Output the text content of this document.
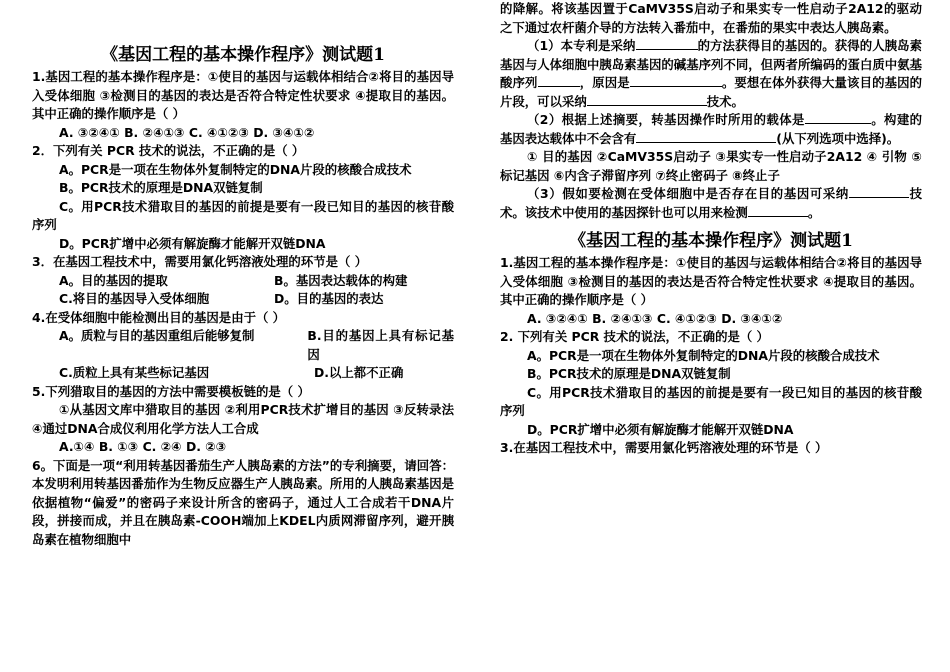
《基因工程的基本操作程序》测试题1

1.基因工程的基本操作程序是：①使目的基因与运载体相结合②将目的基因导入受体细胞 ③检测目的基因的表达是否符合特定性状要求 ④提取目的基因。其中正确的操作顺序是（ ）

A. ③②④① B. ②④①③ C. ④①②③ D. ③④①②

2．下列有关 PCR 技术的说法，不正确的是（ ）

A。PCR是一项在生物体外复制特定的DNA片段的核酸合成技术

B。PCR技术的原理是DNA双链复制

C。用PCR技术猎取目的基因的前提是要有一段已知目的基因的核苷酸序列

D。PCR扩增中必须有解旋酶才能解开双链DNA

3．在基因工程技术中，需要用氯化钙溶液处理的环节是（ ）

A。目的基因的提取	B。基因表达载体的构建

C.将目的基因导入受体细胞	D。目的基因的表达

4.在受体细胞中能检测出目的基因是由于（ ）

A。质粒与目的基因重组后能够复制	B.目的基因上具有标记基因

C.质粒上具有某些标记基因	D.以上都不正确

5.下列猎取目的基因的方法中需要模板链的是（ ）

①从基因文库中猎取目的基因 ②利用PCR技术扩增目的基因 ③反转录法 ④通过DNA合成仪利用化学方法人工合成

A.①④ B. ①③ C. ②④ D. ②③

6。下面是一项“利用转基因番茄生产人胰岛素的方法”的专利摘要，请回答：本发明利用转基因番茄作为生物反应器生产人胰岛素。所用的人胰岛素基因是依据植物“偏爱”的密码子来设计所含的密码子，通过人工合成若干DNA片段，拼接而成，并且在胰岛素-COOH端加上KDEL内质网滞留序列，避开胰岛素在植物细胞中

的降解。将该基因置于CaMV35S启动子和果实专一性启动子2A12的驱动之下通过农杆菌介导的方法转入番茄中，在番茄的果实中表达人胰岛素。

（1）本专利是采纳	的方法获得目的基因的。获得的人胰岛素基因与人体细胞中胰岛素基因的碱基序列不同，但两者所编码的蛋白质中氨基酸序列	，原因是	。要想在体外获得大量该目的基因的片段，可以采纳	技术。

（2）根据上述摘要，转基因操作时所用的载体是	。构建的基因表达载体中不会含有	(从下列选项中选择)。

① 目的基因 ②CaMV35S启动子 ③果实专一性启动子2A12 ④ 引物 ⑤标记基因 ⑥内含子滞留序列 ⑦终止密码子 ⑧终止子

（3）假如要检测在受体细胞中是否存在目的基因可采纳	技术。该技术中使用的基因探针也可以用来检测	。

《基因工程的基本操作程序》测试题1

1.基因工程的基本操作程序是：①使目的基因与运载体相结合②将目的基因导入受体细胞 ③检测目的基因的表达是否符合特定性状要求 ④提取目的基因。其中正确的操作顺序是（ ）

A. ③②④① B. ②④①③ C. ④①②③ D. ③④①②

2. 下列有关 PCR 技术的说法，不正确的是（ ）

A。PCR是一项在生物体外复制特定的DNA片段的核酸合成技术

B。PCR技术的原理是DNA双链复制

C。用PCR技术猎取目的基因的前提是要有一段已知目的基因的核苷酸序列

D。PCR扩增中必须有解旋酶才能解开双链DNA

3.在基因工程技术中，需要用氯化钙溶液处理的环节是（ ）
